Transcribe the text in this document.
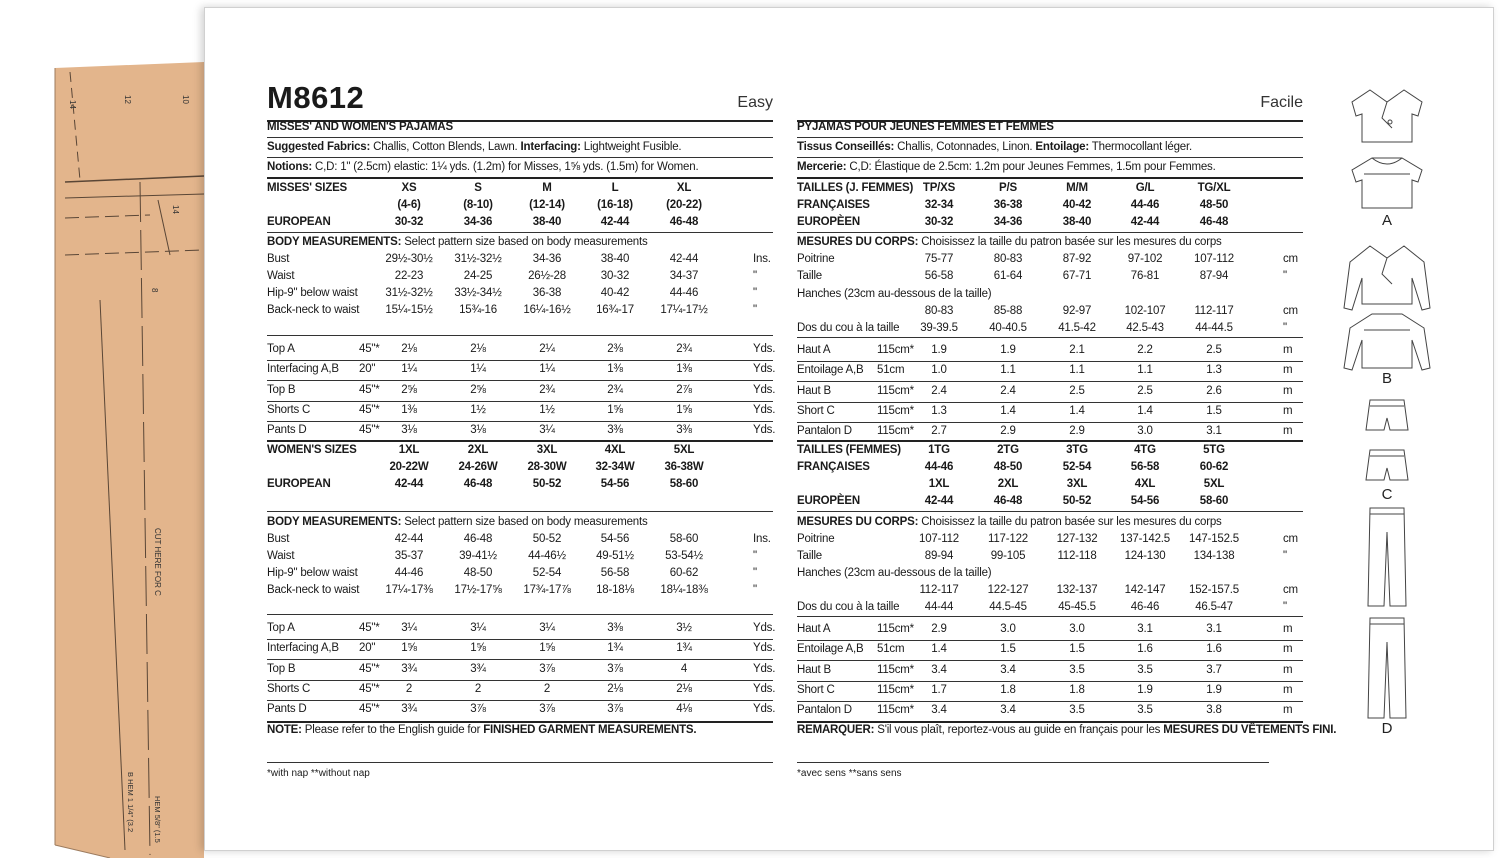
14
12	10
14
8
CUT HERE FOR C
B HEM 1 1/4" (3.2 HEM 5/8" (1.5
M8612	Easy
MISSES' AND WOMEN'S PAJAMAS
Suggested Fabrics: Challis, Cotton Blends, Lawn. Interfacing: Lightweight Fusible.
Notions: C,D: 1" (2.5cm) elastic: 1¼ yds. (1.2m) for Misses, 1⅝ yds. (1.5m) for Women.
MISSES' SIZES	XS	S	M	L	XL
(4-6)	(8-10)	(12-14)	(16-18)	(20-22)
EUROPEAN	30-32	34-36	38-40	42-44	46-48
BODY MEASUREMENTS: Select pattern size based on body measurements
Bust	29½-30½	31½-32½	34-36	38-40	42-44	Ins.
Waist	22-23	24-25	26½-28	30-32	34-37	"
Hip-9" below waist	31½-32½	33½-34½	36-38	40-42	44-46	"
Back-neck to waist	15¼-15½	15¾-16	16¼-16½	16¾-17	17¼-17½	"
Top A	45"*	2⅛	2⅛	2¼	2⅜	2¾	Yds.
Interfacing A,B 20"	1¼	1¼	1¼	1⅜	1⅜	Yds.
Top B	45"*	2⅝	2⅝	2¾	2¾	2⅞	Yds.
Shorts C	45"*	1⅜	1½	1½	1⅝	1⅝	Yds.
Pants D	45"*	3⅛	3⅛	3¼	3⅜	3⅜	Yds.
WOMEN'S SIZES	1XL	2XL	3XL	4XL	5XL
20-22W	24-26W	28-30W	32-34W	36-38W
EUROPEAN	42-44	46-48	50-52	54-56	58-60
BODY MEASUREMENTS: Select pattern size based on body measurements
Bust	42-44	46-48	50-52	54-56	58-60	Ins.
Waist	35-37	39-41½	44-46½	49-51½	53-54½	"
Hip-9" below waist	44-46	48-50	52-54	56-58	60-62	"
Back-neck to waist	17¼-17⅜	17½-17⅝	17¾-17⅞	18-18⅛	18¼-18⅜	"
Top A	45"*	3¼	3¼	3¼	3⅜	3½	Yds.
Interfacing A,B 20"	1⅝	1⅝	1⅝	1¾	1¾	Yds.
Top B	45"*	3¾	3¾	3⅞	3⅞	4	Yds.
Shorts C	45"*	2	2	2	2⅛	2⅛	Yds.
Pants D	45"*	3¾	3⅞	3⅞	3⅞	4⅛	Yds.
NOTE: Please refer to the English guide for FINISHED GARMENT MEASUREMENTS.
*with nap **without nap
Facile
PYJAMAS POUR JEUNES FEMMES ET FEMMES
Tissus Conseillés: Challis, Cotonnades, Linon. Entoilage: Thermocollant léger.
Mercerie: C,D: Élastique de 2.5cm: 1.2m pour Jeunes Femmes, 1.5m pour Femmes.
TAILLES (J. FEMMES) TP/XS	P/S	M/M	G/L	TG/XL
FRANÇAISES	32-34	36-38	40-42	44-46	48-50
EUROPÈEN	30-32	34-36	38-40	42-44	46-48
MESURES DU CORPS: Choisissez la taille du patron basée sur les mesures du corps
Poitrine	75-77	80-83	87-92	97-102	107-112	cm
Taille	56-58	61-64	67-71	76-81	87-94	"
Hanches (23cm au-dessous de la taille)
80-83	85-88	92-97	102-107	112-117	cm
Dos du cou à la taille	39-39.5	40-40.5	41.5-42	42.5-43	44-44.5	"
Haut A	115cm*	1.9	1.9	2.1	2.2	2.5	m
Entoilage A,B 51cm	1.0	1.1	1.1	1.1	1.3	m
Haut B	115cm*	2.4	2.4	2.5	2.5	2.6	m
Short C	115cm*	1.3	1.4	1.4	1.4	1.5	m
Pantalon D 115cm*	2.7	2.9	2.9	3.0	3.1	m
TAILLES (FEMMES)	1TG	2TG	3TG	4TG	5TG
FRANÇAISES	44-46	48-50	52-54	56-58	60-62
1XL	2XL	3XL	4XL	5XL
EUROPÈEN	42-44	46-48	50-52	54-56	58-60
MESURES DU CORPS: Choisissez la taille du patron basée sur les mesures du corps
Poitrine	107-112	117-122	127-132	137-142.5	147-152.5	cm
Taille	89-94	99-105	112-118	124-130	134-138	"
Hanches (23cm au-dessous de la taille)
112-117	122-127	132-137	142-147	152-157.5	cm
Dos du cou à la taille	44-44	44.5-45	45-45.5	46-46	46.5-47	"
Haut A	115cm*	2.9	3.0	3.0	3.1	3.1	m
Entoilage A,B 51cm	1.4	1.5	1.5	1.6	1.6	m
Haut B	115cm*	3.4	3.4	3.5	3.5	3.7	m
Short C	115cm*	1.7	1.8	1.8	1.9	1.9	m
Pantalon D 115cm*	3.4	3.4	3.5	3.5	3.8	m
REMARQUER: S'il vous plaît, reportez-vous au guide en français pour les MESURES DU VÊTEMENTS FINI.
*avec sens **sans sens
A
B
C
D
